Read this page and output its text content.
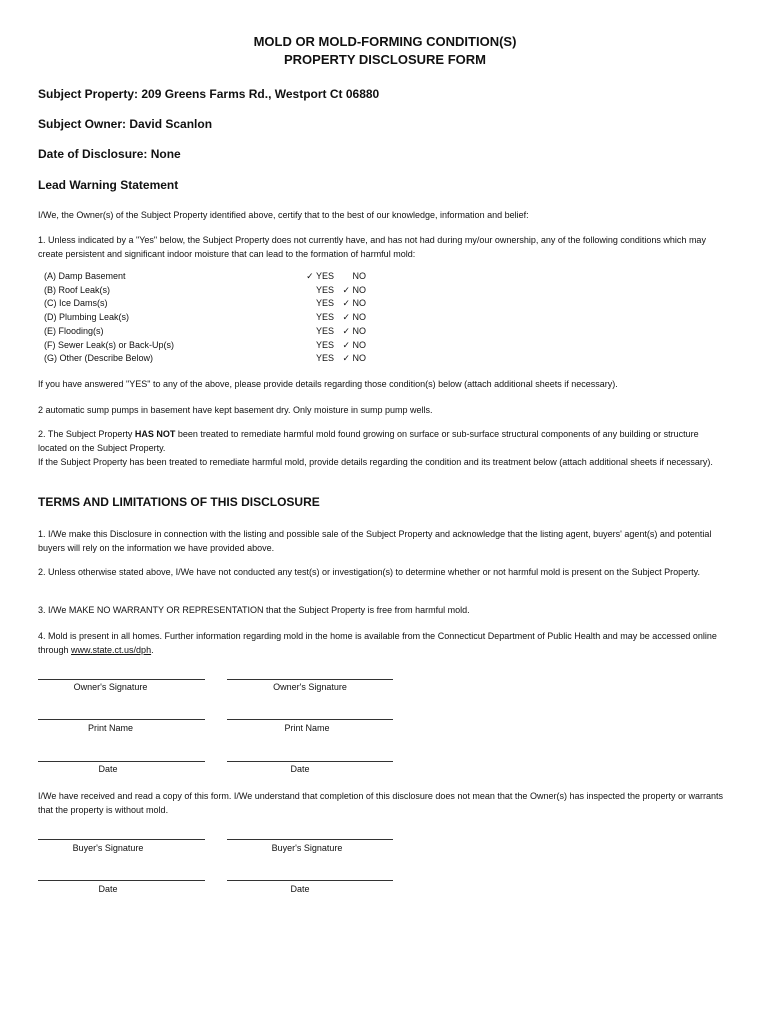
MOLD OR MOLD-FORMING CONDITION(S)
PROPERTY DISCLOSURE FORM
Subject Property: 209 Greens Farms Rd., Westport Ct 06880
Subject Owner: David Scanlon
Date of Disclosure: None
Lead Warning Statement
I/We, the Owner(s) of the Subject Property identified above, certify that to the best of our knowledge, information and belief:
1. Unless indicated by a "Yes" below, the Subject Property does not currently have, and has not had during my/our ownership, any of the following conditions which may create persistent and significant indoor moisture that can lead to the formation of harmful mold:
(A) Damp Basement	✓ YES	NO
(B) Roof Leak(s)	YES ✓ NO
(C) Ice Dams(s)	YES ✓ NO
(D) Plumbing Leak(s)	YES ✓ NO
(E) Flooding(s)	YES ✓ NO
(F) Sewer Leak(s) or Back-Up(s)	YES ✓ NO
(G) Other (Describe Below)	YES ✓ NO
If you have answered "YES" to any of the above, please provide details regarding those condition(s) below (attach additional sheets if necessary).
2 automatic sump pumps in basement have kept basement dry. Only moisture in sump pump wells.
2. The Subject Property HAS NOT been treated to remediate harmful mold found growing on surface or sub-surface structural components of any building or structure located on the Subject Property.
If the Subject Property has been treated to remediate harmful mold, provide details regarding the condition and its treatment below (attach additional sheets if necessary).
TERMS AND LIMITATIONS OF THIS DISCLOSURE
1. I/We make this Disclosure in connection with the listing and possible sale of the Subject Property and acknowledge that the listing agent, buyers' agent(s) and potential buyers will rely on the information we have provided above.
2. Unless otherwise stated above, I/We have not conducted any test(s) or investigation(s) to determine whether or not harmful mold is present on the Subject Property.
3. I/We MAKE NO WARRANTY OR REPRESENTATION that the Subject Property is free from harmful mold.
4. Mold is present in all homes. Further information regarding mold in the home is available from the Connecticut Department of Public Health and may be accessed online through www.state.ct.us/dph.
Owner's Signature	Owner's Signature
Print Name	Print Name
Date	Date
I/We have received and read a copy of this form. I/We understand that completion of this disclosure does not mean that the Owner(s) has inspected the property or warrants that the property is without mold.
Buyer's Signature	Buyer's Signature
Date	Date
